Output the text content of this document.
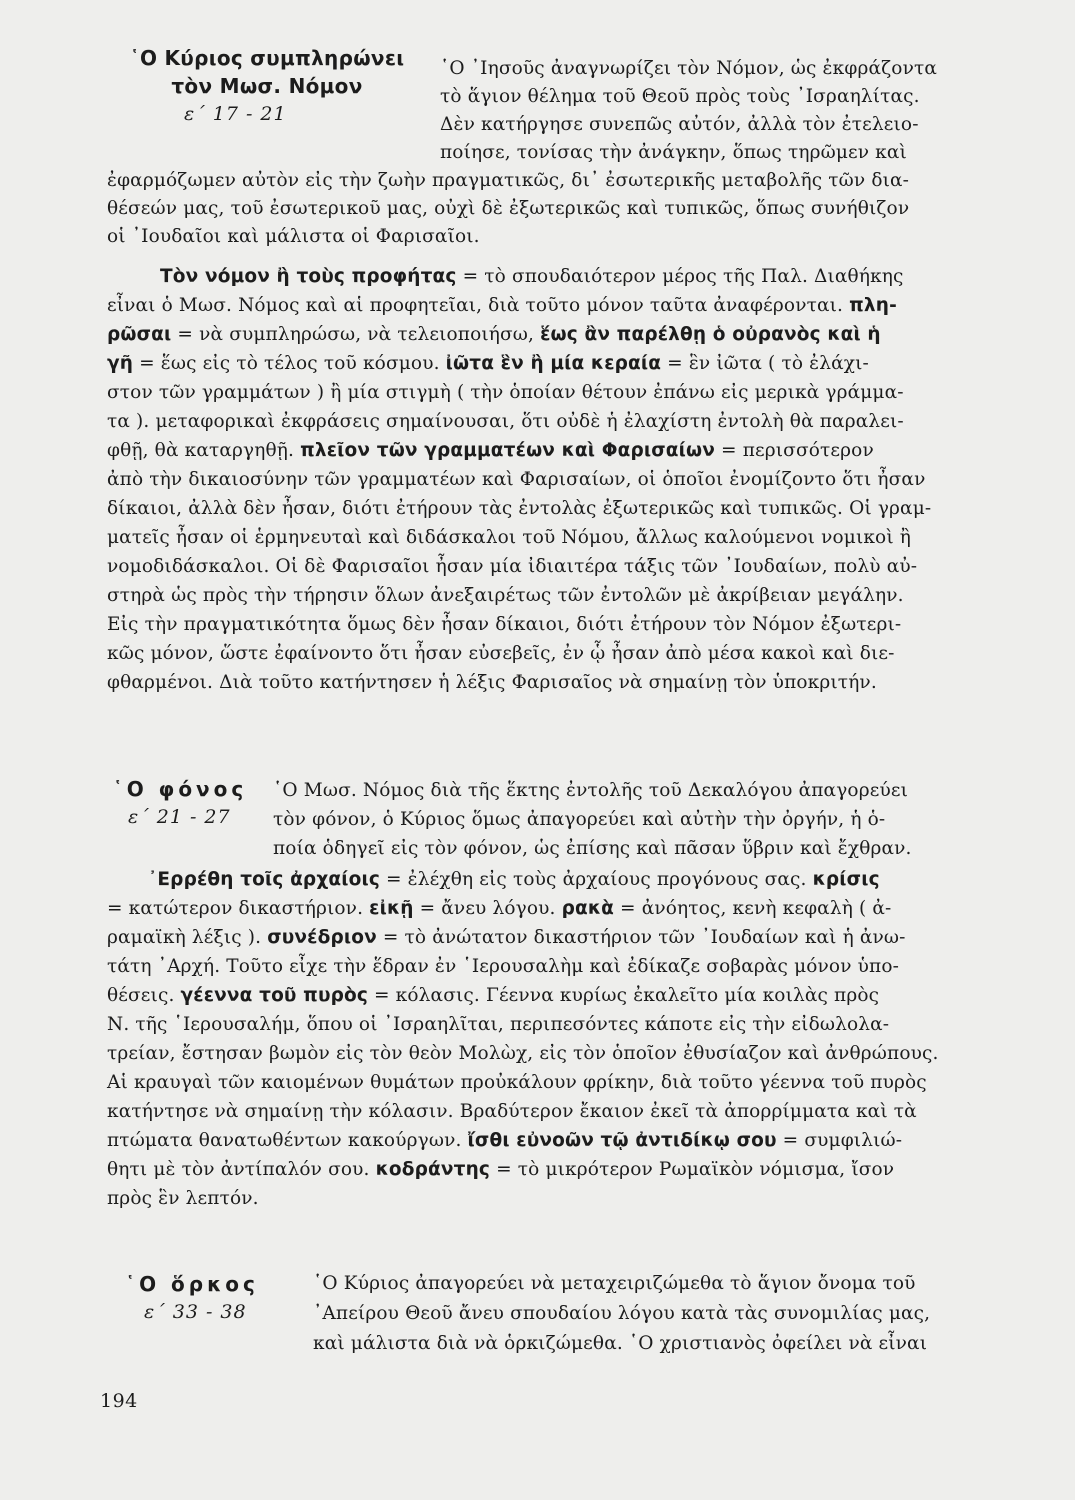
῾Ο Κύριος συμπληρώνει
τὸν Μωσ. Νόμον
ε΄ 17 - 21
῾Ο ᾿Ιησοῦς ἀναγνωρίζει τὸν Νόμον, ὡς ἐκφράζοντα
τὸ ἅγιον θέλημα τοῦ Θεοῦ πρὸς τοὺς ᾿Ισραηλίτας.
Δὲν κατήργησε συνεπῶς αὐτόν, ἀλλὰ τὸν ἐτελειο-
ποίησε, τονίσας τὴν ἀνάγκην, ὅπως τηρῶμεν καὶ
ἐφαρμόζωμεν αὐτὸν εἰς τὴν ζωὴν πραγματικῶς, δι᾿ ἐσωτερικῆς μεταβολῆς τῶν δια-
θέσεών μας, τοῦ ἐσωτερικοῦ μας, οὐχὶ δὲ ἐξωτερικῶς καὶ τυπικῶς, ὅπως συνήθιζον
οἱ ᾿Ιουδαῖοι καὶ μάλιστα οἱ Φαρισαῖοι.
Τὸν νόμον ἢ τοὺς προφήτας = τὸ σπουδαιότερον μέρος τῆς Παλ. Διαθήκης
εἶναι ὁ Μωσ. Νόμος καὶ αἱ προφητεῖαι, διὰ τοῦτο μόνον ταῦτα ἀναφέρονται. πλη-
ρῶσαι = νὰ συμπληρώσω, νὰ τελειοποιήσω, ἕως ἂν παρέλθῃ ὁ οὐρανὸς καὶ ἡ
γῆ = ἕως εἰς τὸ τέλος τοῦ κόσμου. ἰῶτα ἓν ἢ μία κεραία = ἓν ἰῶτα ( τὸ ἐλάχι-
στον τῶν γραμμάτων ) ἢ μία στιγμὴ ( τὴν ὁποίαν θέτουν ἐπάνω εἰς μερικὰ γράμμα-
τα ). μεταφορικαὶ ἐκφράσεις σημαίνουσαι, ὅτι οὐδὲ ἡ ἐλαχίστη ἐντολὴ θὰ παραλει-
φθῇ, θὰ καταργηθῇ. πλεῖον τῶν γραμματέων καὶ Φαρισαίων = περισσότερον
ἀπὸ τὴν δικαιοσύνην τῶν γραμματέων καὶ Φαρισαίων, οἱ ὁποῖοι ἐνομίζοντο ὅτι ἦσαν
δίκαιοι, ἀλλὰ δὲν ἦσαν, διότι ἐτήρουν τὰς ἐντολὰς ἐξωτερικῶς καὶ τυπικῶς. Οἱ γραμ-
ματεῖς ἦσαν οἱ ἑρμηνευταὶ καὶ διδάσκαλοι τοῦ Νόμου, ἄλλως καλούμενοι νομικοὶ ἢ
νομοδιδάσκαλοι. Οἱ δὲ Φαρισαῖοι ἦσαν μία ἰδιαιτέρα τάξις τῶν ᾿Ιουδαίων, πολὺ αὐ-
στηρὰ ὡς πρὸς τὴν τήρησιν ὅλων ἀνεξαιρέτως τῶν ἐντολῶν μὲ ἀκρίβειαν μεγάλην.
Εἰς τὴν πραγματικότητα ὅμως δὲν ἦσαν δίκαιοι, διότι ἐτήρουν τὸν Νόμον ἐξωτερι-
κῶς μόνον, ὥστε ἐφαίνοντο ὅτι ἦσαν εὐσεβεῖς, ἐν ᾧ ἦσαν ἀπὸ μέσα κακοὶ καὶ διε-
φθαρμένοι. Διὰ τοῦτο κατήντησεν ἡ λέξις Φαρισαῖος νὰ σημαίνῃ τὸν ὑποκριτήν.
῾Ο φόνος
ε΄ 21 - 27
῾Ο Μωσ. Νόμος διὰ τῆς ἕκτης ἐντολῆς τοῦ Δεκαλόγου ἀπαγορεύει
τὸν φόνον, ὁ Κύριος ὅμως ἀπαγορεύει καὶ αὐτὴν τὴν ὀργήν, ἡ ὁ-
ποία ὁδηγεῖ εἰς τὸν φόνον, ὡς ἐπίσης καὶ πᾶσαν ὕβριν καὶ ἔχθραν.
᾿Ερρέθη τοῖς ἀρχαίοις = ἐλέχθη εἰς τοὺς ἀρχαίους προγόνους σας. κρίσις
= κατώτερον δικαστήριον. εἰκῇ = ἄνευ λόγου. ρακὰ = ἀνόητος, κενὴ κεφαλὴ ( ἀ-
ραμαϊκὴ λέξις ). συνέδριον = τὸ ἀνώτατον δικαστήριον τῶν ᾿Ιουδαίων καὶ ἡ ἀνω-
τάτη ᾿Αρχή. Τοῦτο εἶχε τὴν ἕδραν ἐν ῾Ιερουσαλὴμ καὶ ἐδίκαζε σοβαρὰς μόνον ὑπο-
θέσεις. γέεννα τοῦ πυρὸς = κόλασις. Γέεννα κυρίως ἐκαλεῖτο μία κοιλὰς πρὸς
Ν. τῆς ῾Ιερουσαλήμ, ὅπου οἱ ᾿Ισραηλῖται, περιπεσόντες κάποτε εἰς τὴν εἰδωλολα-
τρείαν, ἔστησαν βωμὸν εἰς τὸν θεὸν Μολὼχ, εἰς τὸν ὁποῖον ἐθυσίαζον καὶ ἀνθρώπους.
Αἱ κραυγαὶ τῶν καιομένων θυμάτων προὐκάλουν φρίκην, διὰ τοῦτο γέεννα τοῦ πυρὸς
κατήντησε νὰ σημαίνῃ τὴν κόλασιν. Βραδύτερον ἔκαιον ἐκεῖ τὰ ἀπορρίμματα καὶ τὰ
πτώματα θανατωθέντων κακούργων. ἴσθι εὐνοῶν τῷ ἀντιδίκῳ σου = συμφιλιώ-
θητι μὲ τὸν ἀντίπαλόν σου. κοδράντης = τὸ μικρότερον Ρωμαϊκὸν νόμισμα, ἴσον
πρὸς ἓν λεπτόν.
῾Ο ὅρκος
ε΄ 33 - 38
῾Ο Κύριος ἀπαγορεύει νὰ μεταχειριζώμεθα τὸ ἅγιον ὄνομα τοῦ
᾿Απείρου Θεοῦ ἄνευ σπουδαίου λόγου κατὰ τὰς συνομιλίας μας,
καὶ μάλιστα διὰ νὰ ὁρκιζώμεθα. ῾Ο χριστιανὸς ὀφείλει νὰ εἶναι
194
